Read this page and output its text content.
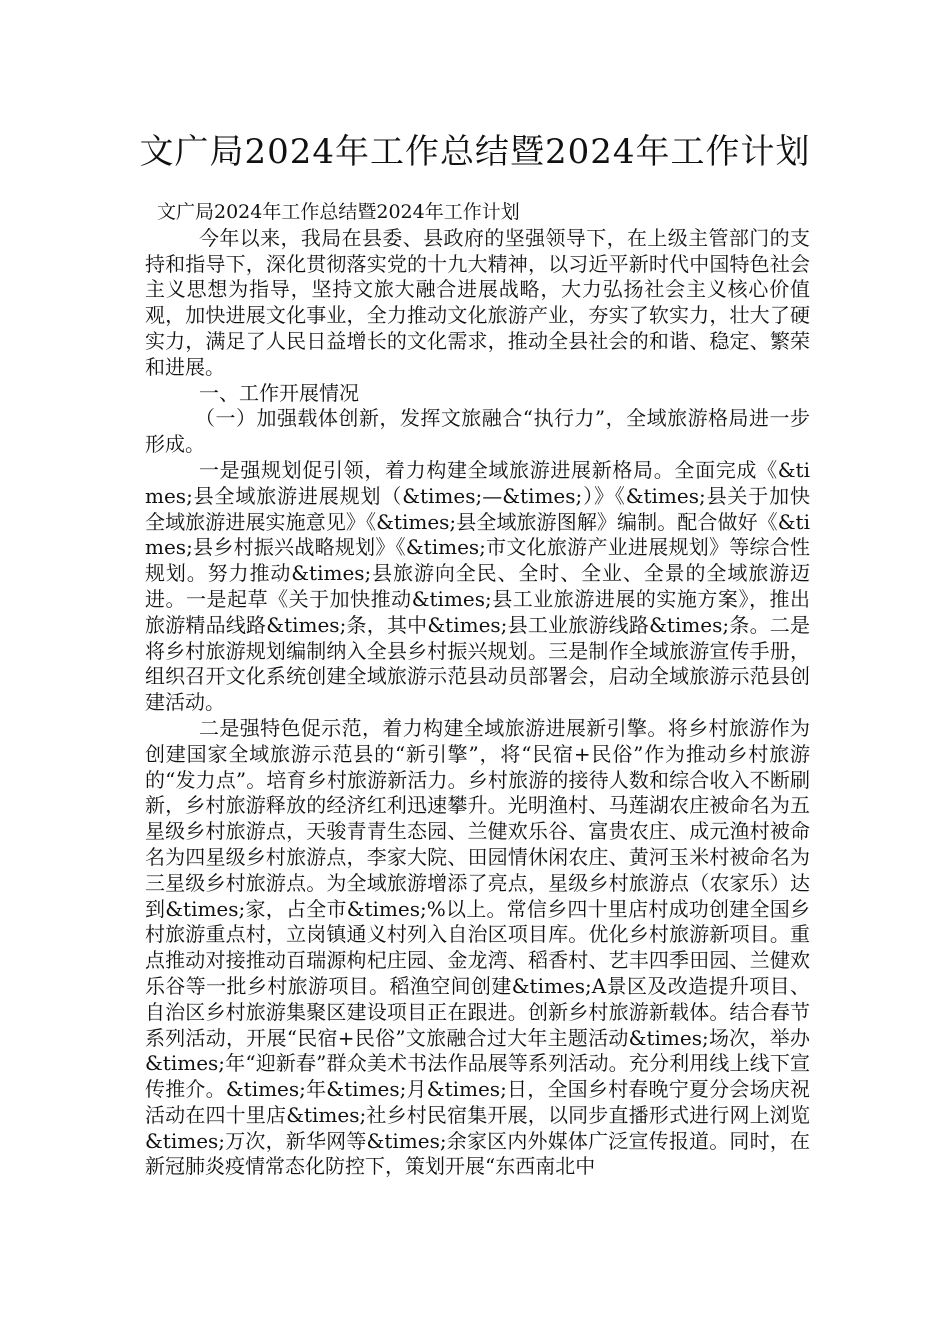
文广局2024年工作总结暨2024年工作计划

文广局2024年工作总结暨2024年工作计划

今年以来，我局在县委、县政府的坚强领导下，在上级主管部门的支持和指导下，深化贯彻落实党的十九大精神，以习近平新时代中国特色社会主义思想为指导，坚持文旅大融合进展战略，大力弘扬社会主义核心价值观，加快进展文化事业，全力推动文化旅游产业，夯实了软实力，壮大了硬实力，满足了人民日益增长的文化需求，推动全县社会的和谐、稳定、繁荣和进展。

一、工作开展情况

（一）加强载体创新，发挥文旅融合“执行力”，全域旅游格局进一步形成。

一是强规划促引领，着力构建全域旅游进展新格局。全面完成《&times;县全域旅游进展规划（&times;—&times;）》《&times;县关于加快全域旅游进展实施意见》《&times;县全域旅游图解》编制。配合做好《&times;县乡村振兴战略规划》《&times;市文化旅游产业进展规划》等综合性规划。努力推动&times;县旅游向全民、全时、全业、全景的全域旅游迈进。一是起草《关于加快推动&times;县工业旅游进展的实施方案》，推出旅游精品线路&times;条，其中&times;县工业旅游线路&times;条。二是将乡村旅游规划编制纳入全县乡村振兴规划。三是制作全域旅游宣传手册，组织召开文化系统创建全域旅游示范县动员部署会，启动全域旅游示范县创建活动。

二是强特色促示范，着力构建全域旅游进展新引擎。将乡村旅游作为创建国家全域旅游示范县的“新引擎”，将“民宿+民俗”作为推动乡村旅游的“发力点”。培育乡村旅游新活力。乡村旅游的接待人数和综合收入不断刷新，乡村旅游释放的经济红利迅速攀升。光明渔村、马莲湖农庄被命名为五星级乡村旅游点，天骏青青生态园、兰健欢乐谷、富贵农庄、成元渔村被命名为四星级乡村旅游点，李家大院、田园情休闲农庄、黄河玉米村被命名为三星级乡村旅游点。为全域旅游增添了亮点，星级乡村旅游点（农家乐）达到&times;家，占全市&times;%以上。常信乡四十里店村成功创建全国乡村旅游重点村，立岗镇通义村列入自治区项目库。优化乡村旅游新项目。重点推动对接推动百瑞源枸杞庄园、金龙湾、稻香村、艺丰四季田园、兰健欢乐谷等一批乡村旅游项目。稻渔空间创建&times;A景区及改造提升项目、自治区乡村旅游集聚区建设项目正在跟进。创新乡村旅游新载体。结合春节系列活动，开展“民宿+民俗”文旅融合过大年主题活动&times;场次，举办&times;年“迎新春”群众美术书法作品展等系列活动。充分利用线上线下宣传推介。&times;年&times;月&times;日，全国乡村春晚宁夏分会场庆祝活动在四十里店&times;社乡村民宿集开展，以同步直播形式进行网上浏览&times;万次，新华网等&times;余家区内外媒体广泛宣传报道。同时，在新冠肺炎疫情常态化防控下，策划开展“东西南北中
